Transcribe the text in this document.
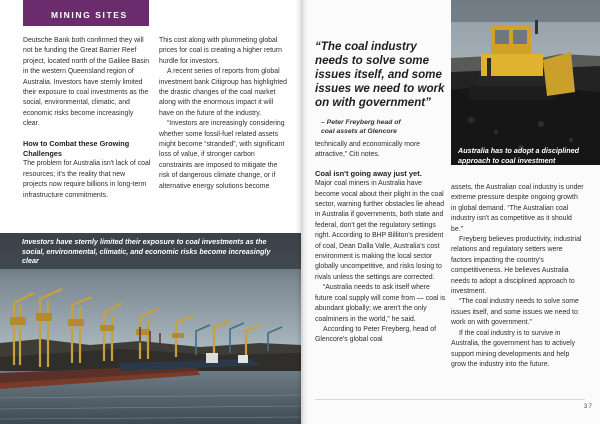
MINING SITES

Deutsche Bank both confirmed they will not be funding the Great Barrier Reef project, located north of the Galilee Basin in the western Queensland region of Australia. Investors have sternly limited their exposure to coal investments as the social, environmental, climatic, and economic risks become increasingly clear.

How to Combat these Growing Challenges

The problem for Australia isn't lack of coal resources; it's the reality that new projects now require billions in long-term infrastructure commitments.

This cost along with plummeting global prices for coal is creating a higher return hurdle for investors.

A recent series of reports from global investment bank Citigroup has highlighted the drastic changes of the coal market along with the enormous impact it will have on the future of the industry.

“Investors are increasingly considering whether some fossil-fuel related assets might become “stranded”, with significant loss of value, if stronger carbon constraints are imposed to mitigate the risk of dangerous climate change, or if alternative energy solutions become

Investors have sternly limited their exposure to coal investments as the social, environmental, climatic, and economic risks become increasingly clear
“The coal industry needs to solve some issues itself, and some issues we need to work on with government”
– Peter Freyberg head of
coal assets at Glencore
Australia has to adopt a disciplined approach to coal investment

technically and economically more attractive,” Citi notes.

Coal isn't going away just yet.

Major coal miners in Australia have become vocal about their plight in the coal sector, warning further obstacles lie ahead in Australia if governments, both state and federal, don't get the regulatory settings right. According to BHP Billiton's president of coal, Dean Dalla Valle, Australia's cost environment is making the local sector globally uncompetitive, and risks losing to rivals unless the settings are corrected.

“Australia needs to ask itself where future coal supply will come from — coal is abundant globally; we aren't the only coalminers in the world,” he said.

According to Peter Freyberg, head of Glencore's global coal

assets, the Australian coal industry is under extreme pressure despite ongoing growth in global demand. “The Australian coal industry isn't as competitive as it should be.”

Freyberg believes productivity, industrial relations and regulatory setters were factors impacting the country's competitiveness. He believes Australia needs to adopt a disciplined approach to investment.

“The coal industry needs to solve some issues itself, and some issues we need to work on with government.”

If the coal industry is to survive in Australia, the government has to actively support mining developments and help grow the industry into the future.

37
